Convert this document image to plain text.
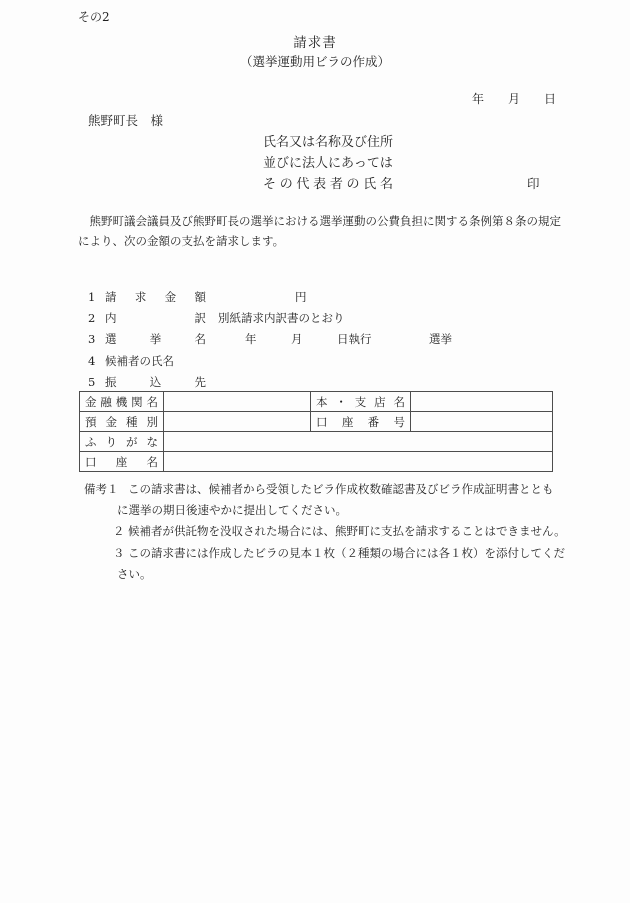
その2
請求書
（選挙運動用ビラの作成）
年 月 日
熊野町長　様
氏名又は名称及び住所
並びに法人にあっては
その代表者の氏名	印
　熊野町議会議員及び熊野町長の選挙における選挙運動の公費負担に関する条例第８条の規定
により、次の金額の支払を請求します。
1 請求金額	円
2 内訳 別紙請求内訳書のとおり
3 選挙名	年　　　月　　　日執行　　　　　選挙
4 候補者の氏名
5 振込先
金融機関名		本・支店名	
預金種別		口座番号	
ふりがな			
口座名			
備考１ この請求書は、候補者から受領したビラ作成枚数確認書及びビラ作成証明書ととも
に選挙の期日後速やかに提出してください。
２ 候補者が供託物を没収された場合には、熊野町に支払を請求することはできません。
３ この請求書には作成したビラの見本１枚（２種類の場合には各１枚）を添付してくだ
さい。
